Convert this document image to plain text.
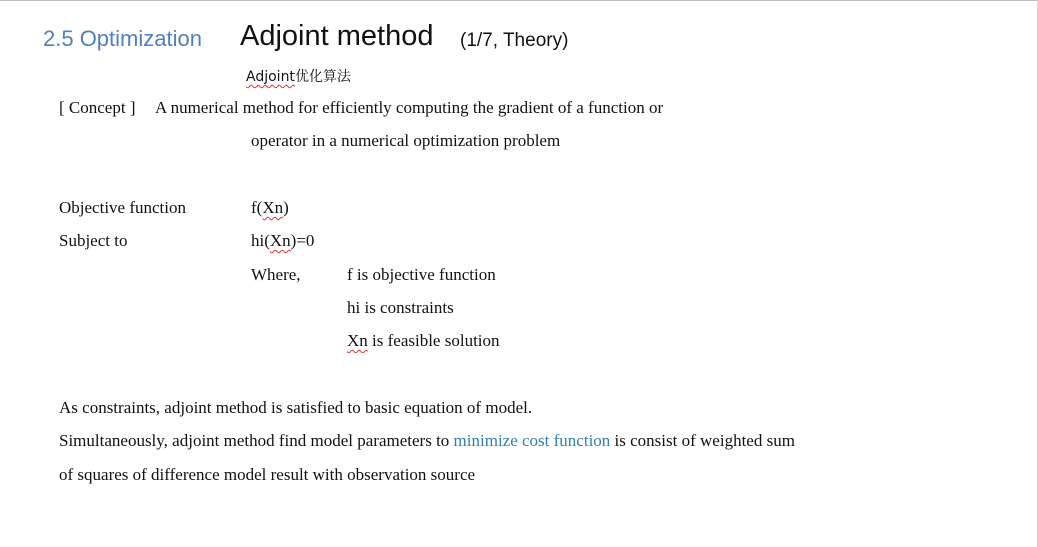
2.5 Optimization Adjoint method (1/7, Theory)
Adjoint优化算法
[ Concept ] A numerical method for efficiently computing the gradient of a function or
operator in a numerical optimization problem
Objective function	f(Xn)
Subject to	hi(Xn)=0
Where,	f is objective function
hi is constraints
Xn is feasible solution
As constraints, adjoint method is satisfied to basic equation of model.
Simultaneously, adjoint method find model parameters to minimize cost function is consist of weighted sum
of squares of difference model result with observation source
